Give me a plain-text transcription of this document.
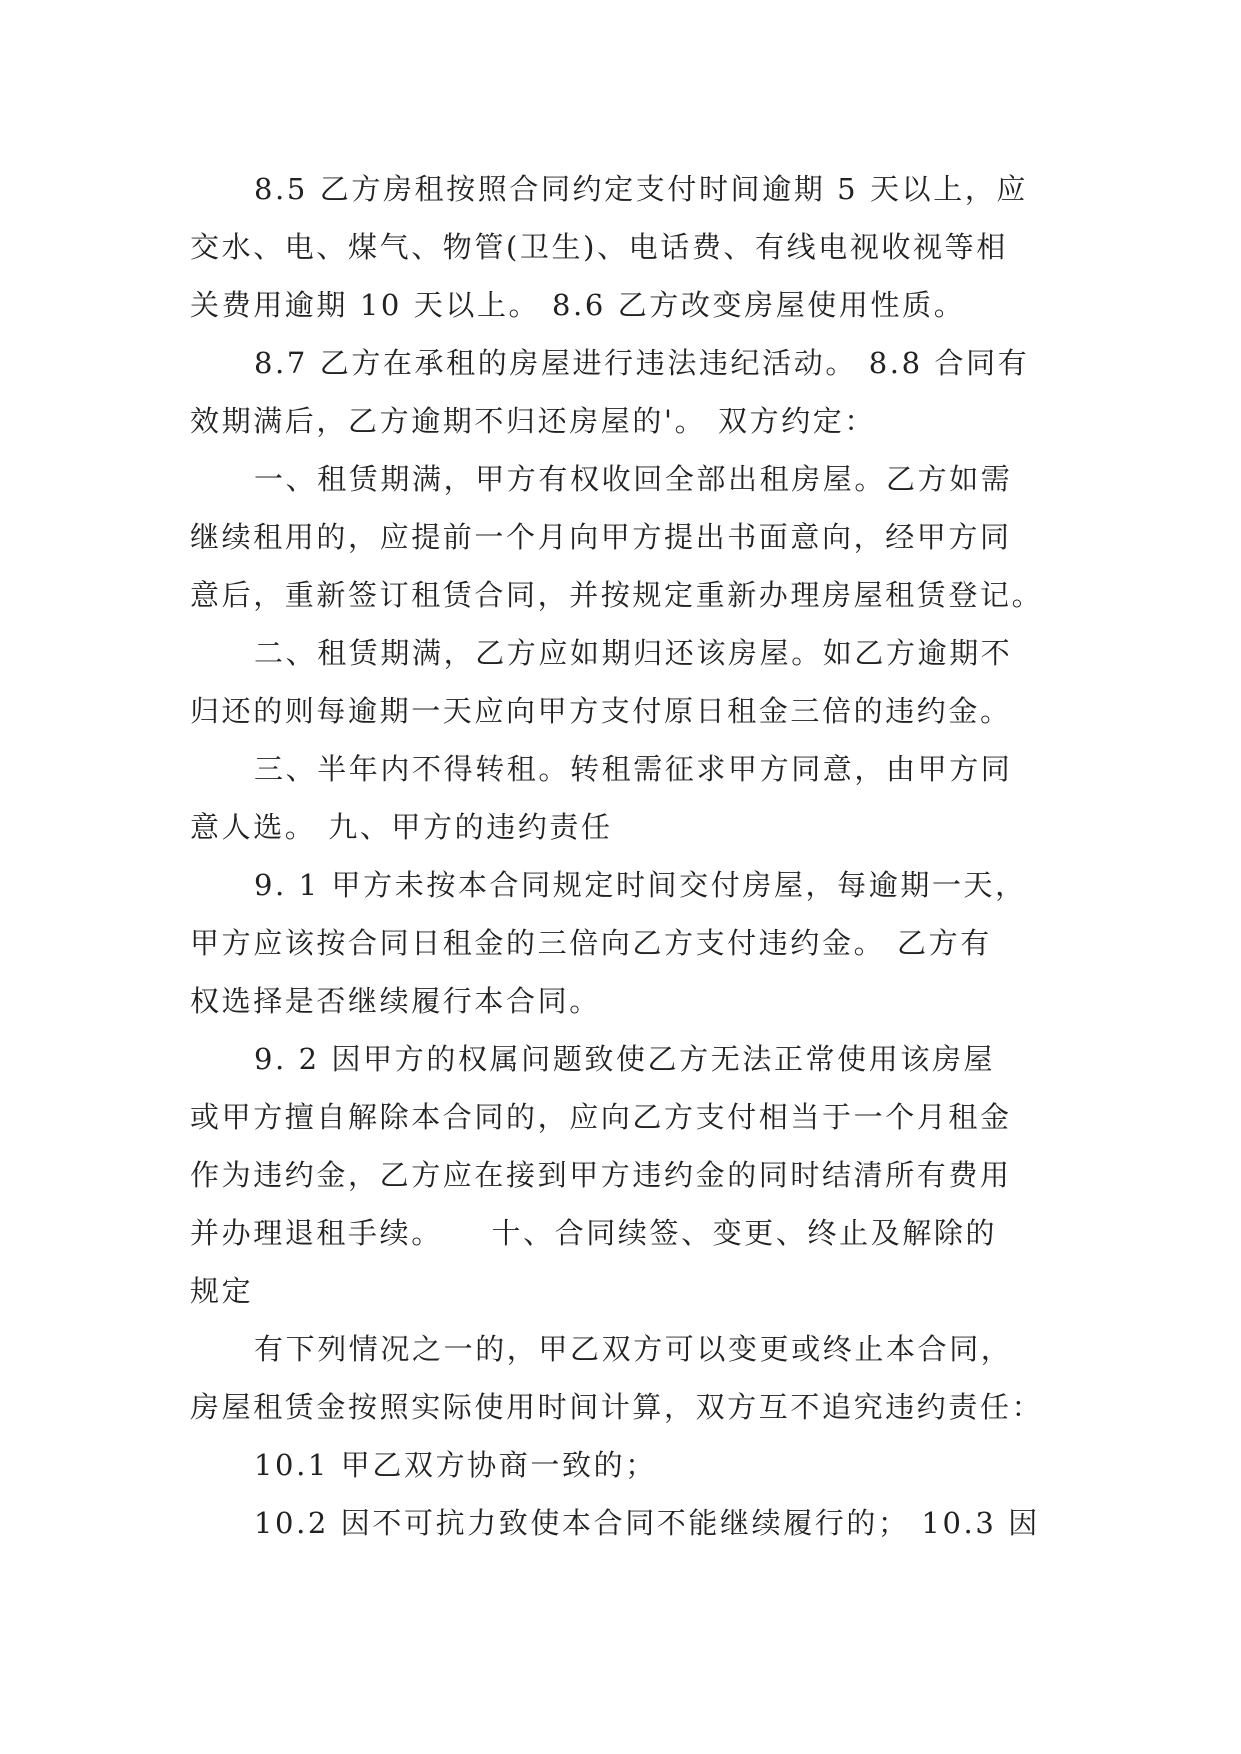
8.5 乙方房租按照合同约定支付时间逾期 5 天以上，应
交水、电、煤气、物管(卫生)、电话费、有线电视收视等相
关费用逾期 10 天以上。 8.6 乙方改变房屋使用性质。
8.7 乙方在承租的房屋进行违法违纪活动。 8.8 合同有
效期满后，乙方逾期不归还房屋的'。 双方约定：
一、租赁期满，甲方有权收回全部出租房屋。乙方如需
继续租用的，应提前一个月向甲方提出书面意向，经甲方同
意后，重新签订租赁合同，并按规定重新办理房屋租赁登记。
二、租赁期满，乙方应如期归还该房屋。如乙方逾期不
归还的则每逾期一天应向甲方支付原日租金三倍的违约金。
三、半年内不得转租。转租需征求甲方同意，由甲方同
意人选。 九、甲方的违约责任
9. 1 甲方未按本合同规定时间交付房屋，每逾期一天，
甲方应该按合同日租金的三倍向乙方支付违约金。 乙方有
权选择是否继续履行本合同。
9. 2 因甲方的权属问题致使乙方无法正常使用该房屋
或甲方擅自解除本合同的，应向乙方支付相当于一个月租金
作为违约金，乙方应在接到甲方违约金的同时结清所有费用
并办理退租手续。　　十、合同续签、变更、终止及解除的
规定
有下列情况之一的，甲乙双方可以变更或终止本合同，
房屋租赁金按照实际使用时间计算，双方互不追究违约责任：
10.1 甲乙双方协商一致的；
10.2 因不可抗力致使本合同不能继续履行的； 10.3 因
